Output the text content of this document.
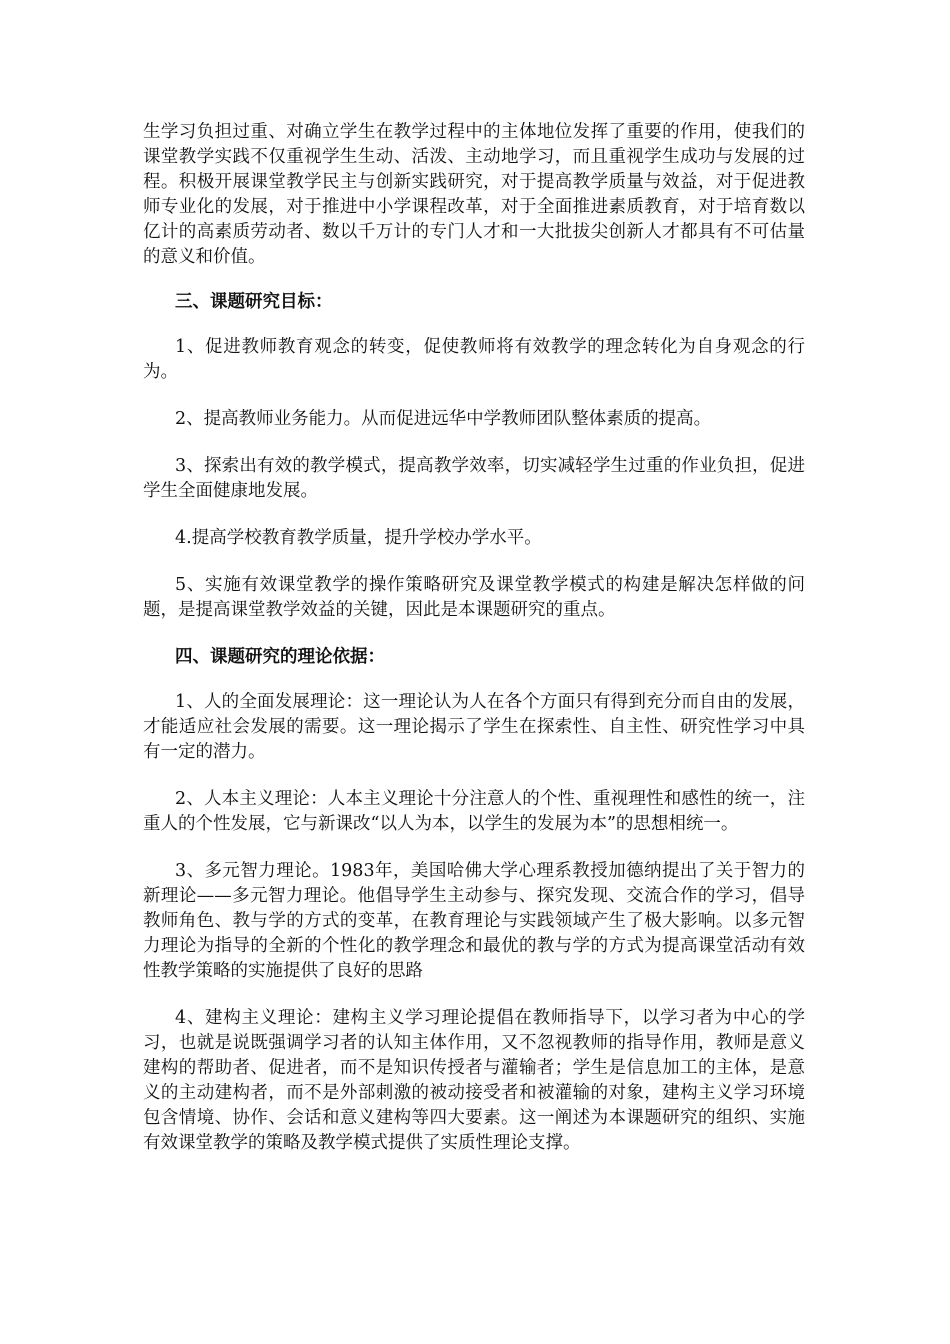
生学习负担过重、对确立学生在教学过程中的主体地位发挥了重要的作用，使我们的课堂教学实践不仅重视学生生动、活泼、主动地学习，而且重视学生成功与发展的过程。积极开展课堂教学民主与创新实践研究，对于提高教学质量与效益，对于促进教师专业化的发展，对于推进中小学课程改革，对于全面推进素质教育，对于培育数以亿计的高素质劳动者、数以千万计的专门人才和一大批拔尖创新人才都具有不可估量的意义和价值。

三、课题研究目标：

1、促进教师教育观念的转变，促使教师将有效教学的理念转化为自身观念的行为。

2、提高教师业务能力。从而促进远华中学教师团队整体素质的提高。

3、探索出有效的教学模式，提高教学效率，切实减轻学生过重的作业负担，促进学生全面健康地发展。

4.提高学校教育教学质量，提升学校办学水平。

5、实施有效课堂教学的操作策略研究及课堂教学模式的构建是解决怎样做的问题，是提高课堂教学效益的关键，因此是本课题研究的重点。

四、课题研究的理论依据：

1、人的全面发展理论：这一理论认为人在各个方面只有得到充分而自由的发展，才能适应社会发展的需要。这一理论揭示了学生在探索性、自主性、研究性学习中具有一定的潜力。

2、人本主义理论：人本主义理论十分注意人的个性、重视理性和感性的统一，注重人的个性发展，它与新课改“以人为本，以学生的发展为本”的思想相统一。

3、多元智力理论。1983年，美国哈佛大学心理系教授加德纳提出了关于智力的新理论——多元智力理论。他倡导学生主动参与、探究发现、交流合作的学习，倡导教师角色、教与学的方式的变革，在教育理论与实践领域产生了极大影响。以多元智力理论为指导的全新的个性化的教学理念和最优的教与学的方式为提高课堂活动有效性教学策略的实施提供了良好的思路

4、建构主义理论：建构主义学习理论提倡在教师指导下，以学习者为中心的学习，也就是说既强调学习者的认知主体作用，又不忽视教师的指导作用，教师是意义建构的帮助者、促进者，而不是知识传授者与灌输者；学生是信息加工的主体，是意义的主动建构者，而不是外部刺激的被动接受者和被灌输的对象，建构主义学习环境包含情境、协作、会话和意义建构等四大要素。这一阐述为本课题研究的组织、实施有效课堂教学的策略及教学模式提供了实质性理论支撑。
